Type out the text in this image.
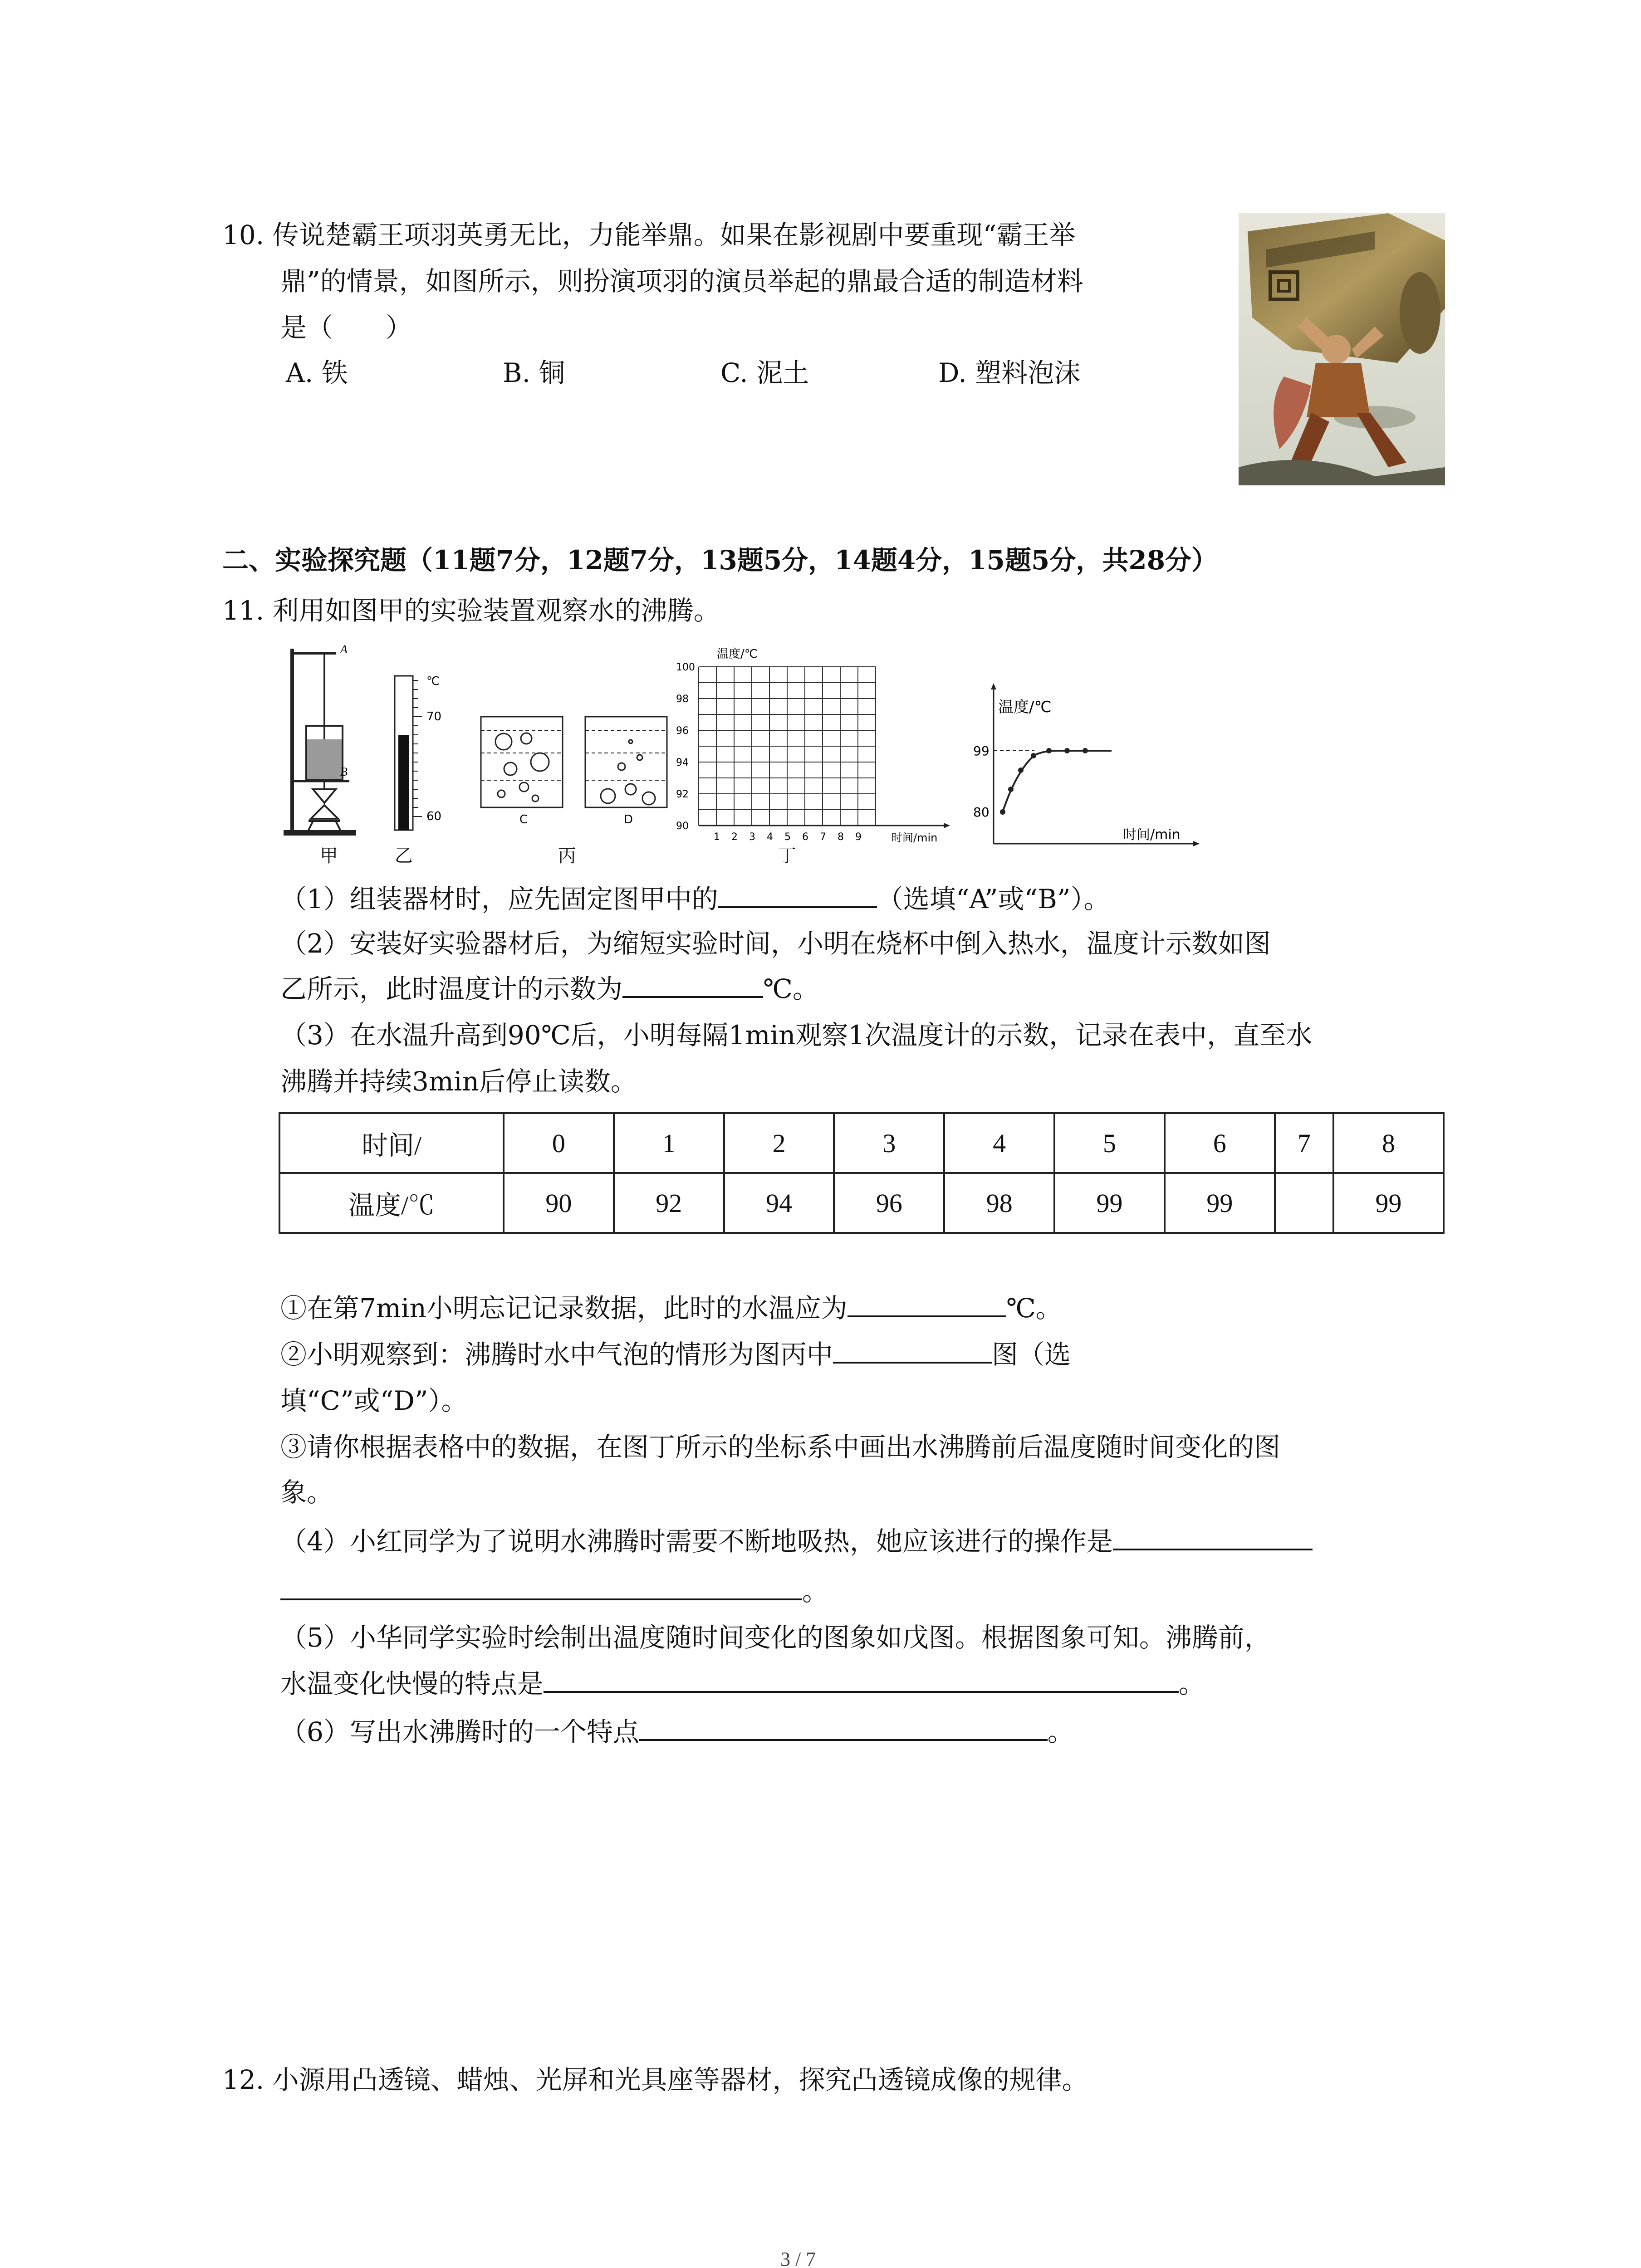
10. 传说楚霸王项羽英勇无比，力能举鼎。如果在影视剧中要重现“霸王举
鼎”的情景，如图所示，则扮演项羽的演员举起的鼎最合适的制造材料
是（　　）
A. 铁	B. 铜	C. 泥土	D. 塑料泡沫
二、实验探究题（11题7分，12题7分，13题5分，14题4分，15题5分，共28分）
11. 利用如图甲的实验装置观察水的沸腾。
A
B
甲
℃
70
60
乙
C	D
丙
温度/℃
时间/min
100
98
96
94
92
90
1 2 3 4 5 6 7 8 9
丁
温度/℃
时间/min
99
80
（1）组装器材时，应先固定图甲中的	（选填“A”或“B”）。
（2）安装好实验器材后，为缩短实验时间，小明在烧杯中倒入热水，温度计示数如图
乙所示，此时温度计的示数为	℃。
（3）在水温升高到90℃后，小明每隔1min观察1次温度计的示数，记录在表中，直至水
沸腾并持续3min后停止读数。
时间/	0	1	2	3	4	5	6	7	8
温度/℃	90	92	94	96	98	99	99		99
①在第7min小明忘记记录数据，此时的水温应为	℃。
②小明观察到：沸腾时水中气泡的情形为图丙中	图（选
填“C”或“D”）。
③请你根据表格中的数据，在图丁所示的坐标系中画出水沸腾前后温度随时间变化的图
象。
（4）小红同学为了说明水沸腾时需要不断地吸热，她应该进行的操作是
。
（5）小华同学实验时绘制出温度随时间变化的图象如戊图。根据图象可知。沸腾前，
水温变化快慢的特点是	。
（6）写出水沸腾时的一个特点	。
12. 小源用凸透镜、蜡烛、光屏和光具座等器材，探究凸透镜成像的规律。
3 / 7
